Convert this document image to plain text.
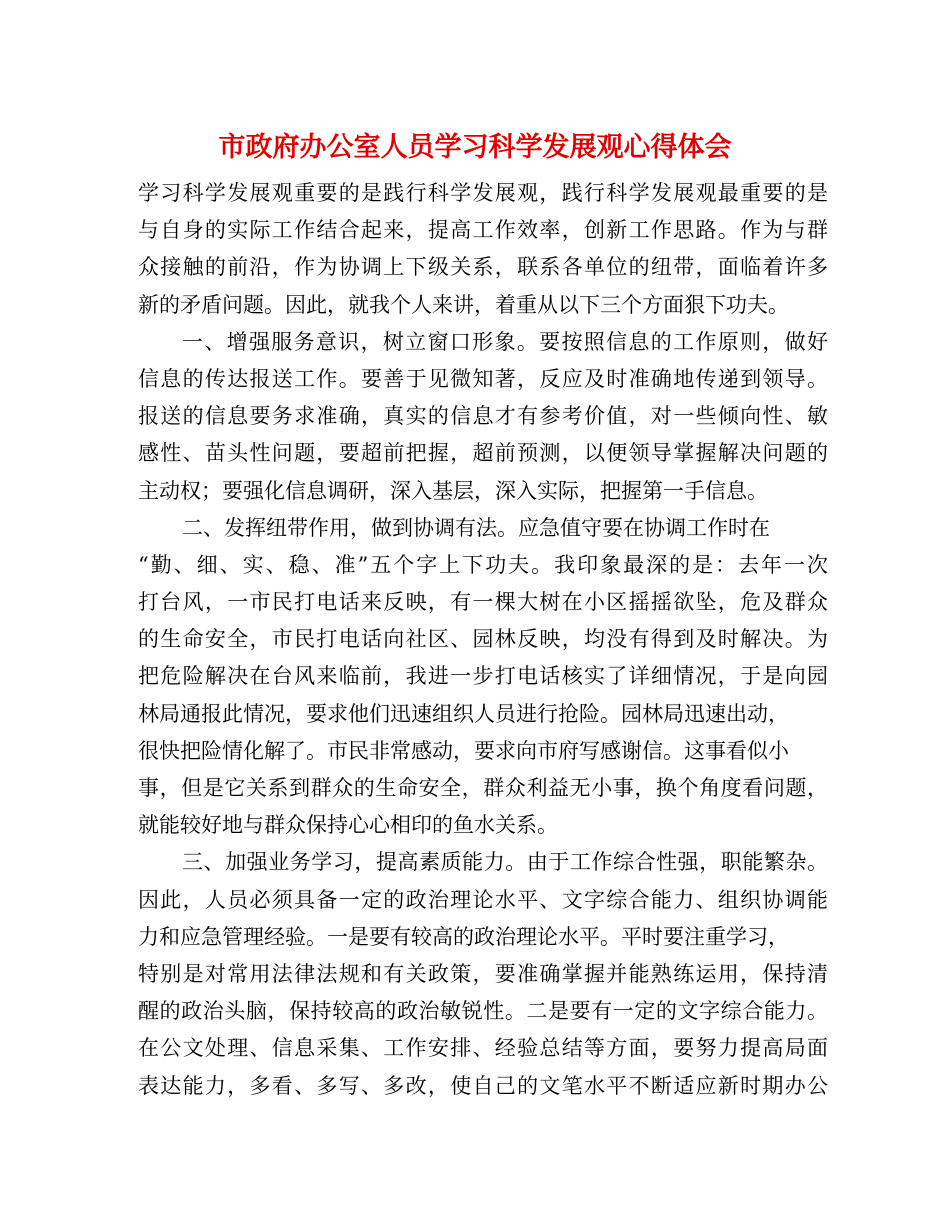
市政府办公室人员学习科学发展观心得体会
学习科学发展观重要的是践行科学发展观，践行科学发展观最重要的是
与自身的实际工作结合起来，提高工作效率，创新工作思路。作为与群
众接触的前沿，作为协调上下级关系，联系各单位的纽带，面临着许多
新的矛盾问题。因此，就我个人来讲，着重从以下三个方面狠下功夫。
一、增强服务意识，树立窗口形象。要按照信息的工作原则，做好
信息的传达报送工作。要善于见微知著，反应及时准确地传递到领导。
报送的信息要务求准确，真实的信息才有参考价值，对一些倾向性、敏
感性、苗头性问题，要超前把握，超前预测，以便领导掌握解决问题的
主动权；要强化信息调研，深入基层，深入实际，把握第一手信息。
二、发挥纽带作用，做到协调有法。应急值守要在协调工作时在
“勤、细、实、稳、准”五个字上下功夫。我印象最深的是：去年一次
打台风，一市民打电话来反映，有一棵大树在小区摇摇欲坠，危及群众
的生命安全，市民打电话向社区、园林反映，均没有得到及时解决。为
把危险解决在台风来临前，我进一步打电话核实了详细情况，于是向园
林局通报此情况，要求他们迅速组织人员进行抢险。园林局迅速出动，
很快把险情化解了。市民非常感动，要求向市府写感谢信。这事看似小
事，但是它关系到群众的生命安全，群众利益无小事，换个角度看问题，
就能较好地与群众保持心心相印的鱼水关系。
三、加强业务学习，提高素质能力。由于工作综合性强，职能繁杂。
因此，人员必须具备一定的政治理论水平、文字综合能力、组织协调能
力和应急管理经验。一是要有较高的政治理论水平。平时要注重学习，
特别是对常用法律法规和有关政策，要准确掌握并能熟练运用，保持清
醒的政治头脑，保持较高的政治敏锐性。二是要有一定的文字综合能力。
在公文处理、信息采集、工作安排、经验总结等方面，要努力提高局面
表达能力，多看、多写、多改，使自己的文笔水平不断适应新时期办公
